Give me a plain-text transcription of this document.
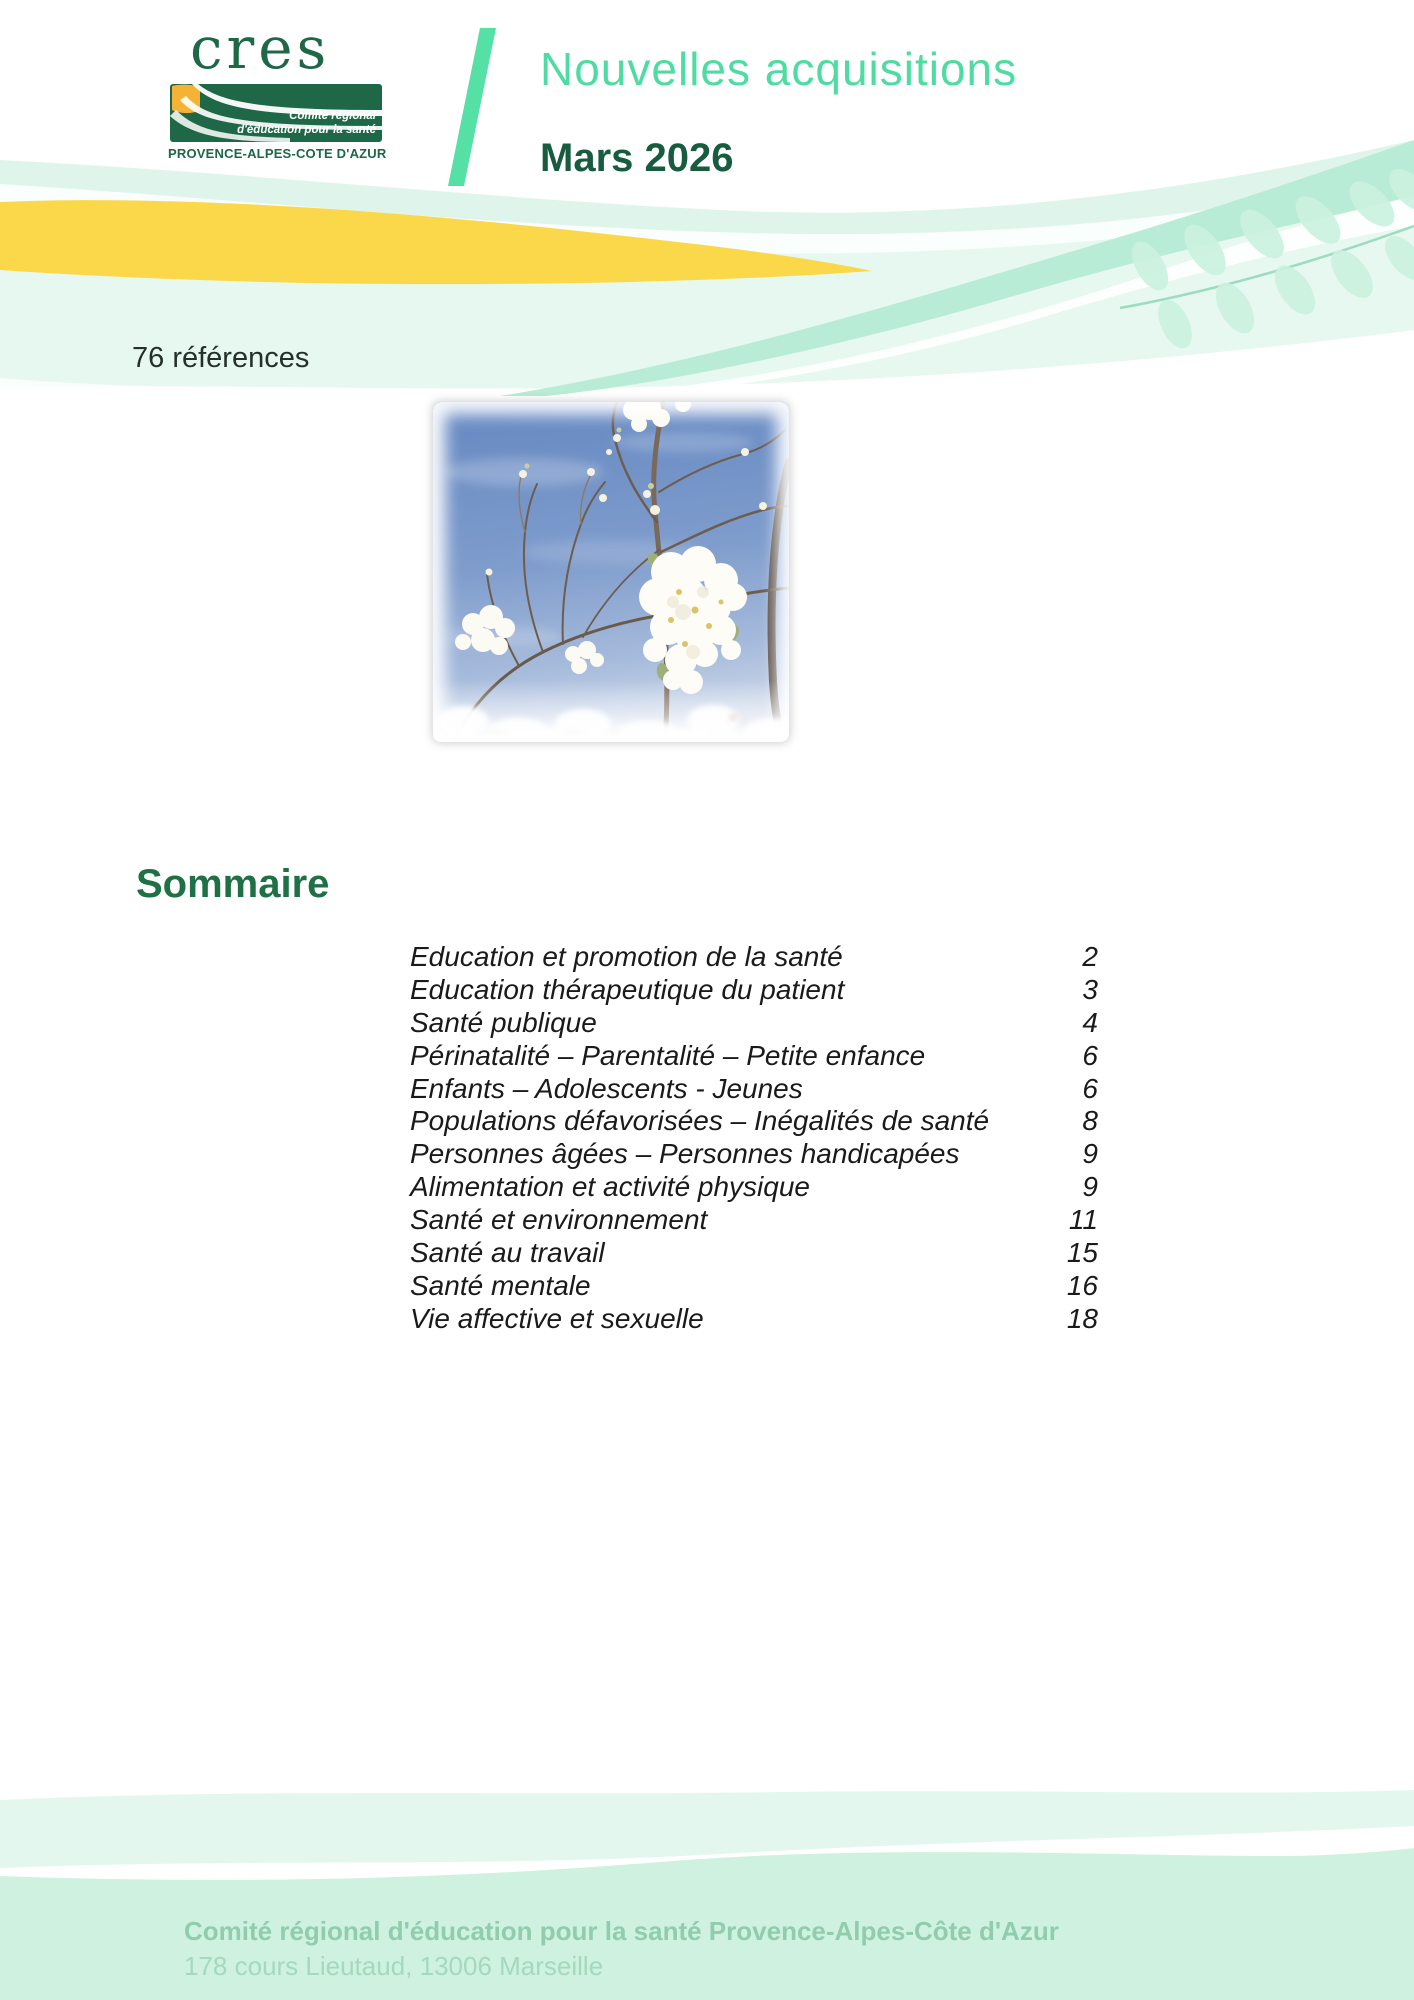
cres
Comité régional
d'éducation pour la santé
PROVENCE-ALPES-COTE D'AZUR
Nouvelles acquisitions
Mars 2026
76 références
Sommaire
Education et promotion de la santé	2
Education thérapeutique du patient	3
Santé publique	4
Périnatalité – Parentalité – Petite enfance	6
Enfants – Adolescents - Jeunes	6
Populations défavorisées – Inégalités de santé	8
Personnes âgées – Personnes handicapées	9
Alimentation et activité physique	9
Santé et environnement	11
Santé au travail	15
Santé mentale	16
Vie affective et sexuelle	18
Comité régional d'éducation pour la santé Provence-Alpes-Côte d'Azur
178 cours Lieutaud, 13006 Marseille
